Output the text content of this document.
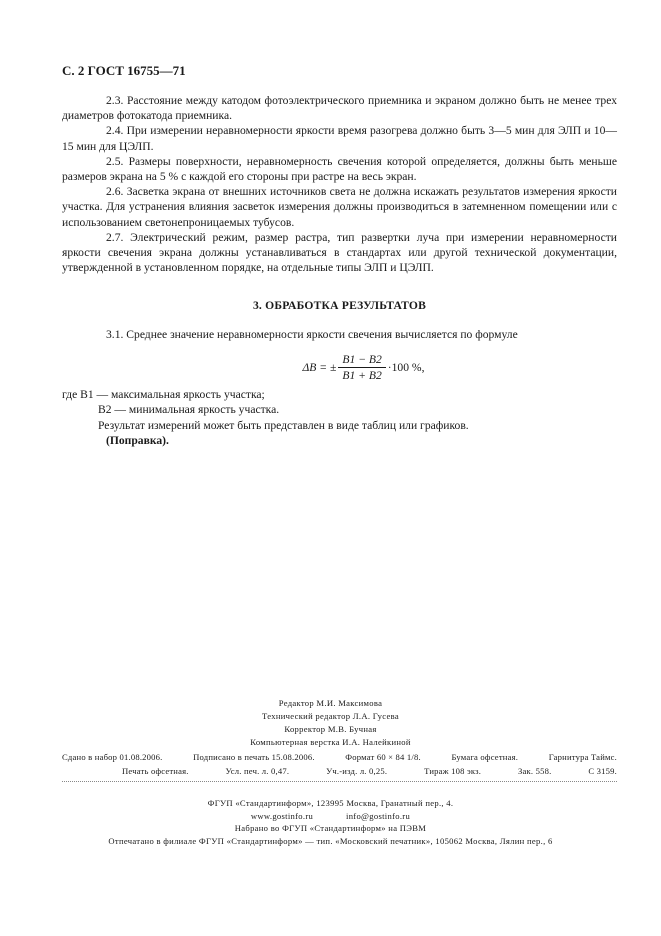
С. 2 ГОСТ 16755—71

2.3. Расстояние между катодом фотоэлектрического приемника и экраном должно быть не менее трех диаметров фотокатода приемника.

2.4. При измерении неравномерности яркости время разогрева должно быть 3—5 мин для ЭЛП и 10—15 мин для ЦЭЛП.

2.5. Размеры поверхности, неравномерность свечения которой определяется, должны быть меньше размеров экрана на 5 % с каждой его стороны при растре на весь экран.

2.6. Засветка экрана от внешних источников света не должна искажать результатов измерения яркости участка. Для устранения влияния засветок измерения должны производиться в затемненном помещении или с использованием светонепроницаемых тубусов.

2.7. Электрический режим, размер растра, тип развертки луча при измерении неравномерности яркости свечения экрана должны устанавливаться в стандартах или другой технической документации, утвержденной в установленном порядке, на отдельные типы ЭЛП и ЦЭЛП.

3. ОБРАБОТКА РЕЗУЛЬТАТОВ

3.1. Среднее значение неравномерности яркости свечения вычисляется по формуле

ΔB = ± $\frac{B1 - B2}{B1 + B2} \cdot 100$ %,

где B1 — максимальная яркость участка;

B2 — минимальная яркость участка.

Результат измерений может быть представлен в виде таблиц или графиков.

(Поправка).

Редактор М.И. Максимова
Технический редактор Л.А. Гусева
Корректор М.В. Бучная
Компьютерная верстка И.А. Налейкиной
Сдано в набор 01.08.2006.	Подписано в печать 15.08.2006.	Формат 60 × 84 1/8.	Бумага офсетная.	Гарнитура Таймс.
Печать офсетная.	Усл. печ. л. 0,47.	Уч.-изд. л. 0,25.	Тираж 108 экз.	Зак. 558.	С 3159.
ФГУП «Стандартинформ», 123995 Москва, Гранатный пер., 4.
www.gostinfo.ru	info@gostinfo.ru
Набрано во ФГУП «Стандартинформ» на ПЭВМ
Отпечатано в филиале ФГУП «Стандартинформ» — тип. «Московский печатник», 105062 Москва, Лялин пер., 6
